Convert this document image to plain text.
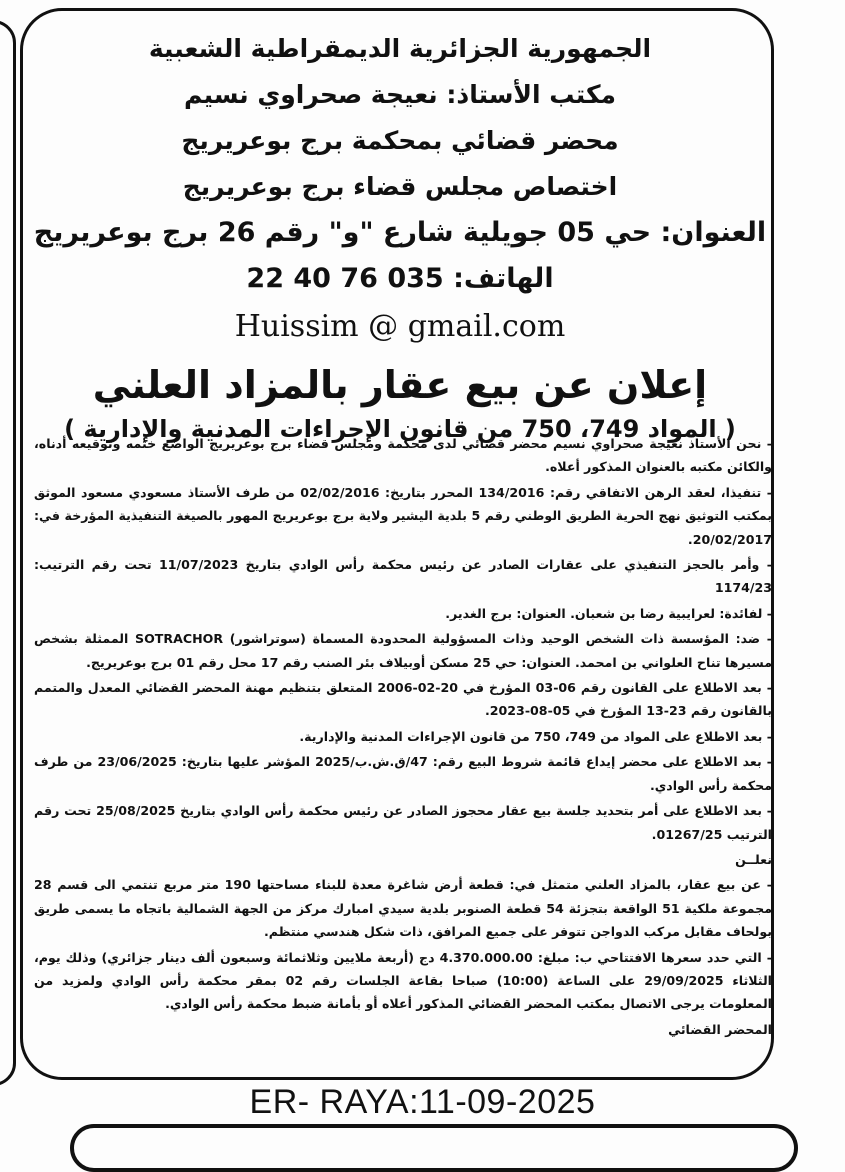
الجمهورية الجزائرية الديمقراطية الشعبية
مكتب الأستاذ: نعيجة صحراوي نسيم
محضر قضائي بمحكمة برج بوعريريج
اختصاص مجلس قضاء برج بوعريريج
العنوان: حي 05 جويلية شارع "و" رقم 26 برج بوعريريج
الهاتف: 035 76 40 22
Huissim @ gmail.com
إعلان عن بيع عقار بالمزاد العلني
( المواد 749، 750 من قانون الإجراءات المدنية والإدارية )

- نحن الأستاذ نعيجة صحراوي نسيم محضر قضائي لدى محكمة ومجلس قضاء برج بوعريريج الواضع ختمه وتوقيعه أدناه، والكائن مكتبه بالعنوان المذكور أعلاه.

- تنفيذا، لعقد الرهن الاتفاقي رقم: 134/2016 المحرر بتاريخ: 02/02/2016 من طرف الأستاذ مسعودي مسعود الموثق بمكتب التوثيق نهج الحرية الطريق الوطني رقم 5 بلدية اليشير ولاية برج بوعريريج المهور بالصيغة التنفيذية المؤرخة في: 20/02/2017.

- وأمر بالحجز التنفيذي على عقارات الصادر عن رئيس محكمة رأس الوادي بتاريخ 11/07/2023 تحت رقم الترتيب: 1174/23

- لفائدة: لعرايبية رضا بن شعبان. العنوان: برج الغدير.

- ضد: المؤسسة ذات الشخص الوحيد وذات المسؤولية المحدودة المسماة (سوتراشور) SOTRACHOR الممثلة بشخص مسيرها تناح العلواني بن امحمد. العنوان: حي 25 مسكن أوبيلاف بئر الصنب رقم 17 محل رقم 01 برج بوعريريج.

- بعد الاطلاع على القانون رقم 06-03 المؤرخ في 20-02-2006 المتعلق بتنظيم مهنة المحضر القضائي المعدل والمتمم بالقانون رقم 23-13 المؤرخ في 05-08-2023.

- بعد الاطلاع على المواد من 749، 750 من قانون الإجراءات المدنية والإدارية.

- بعد الاطلاع على محضر إيداع قائمة شروط البيع رقم: 47/ق.ش.ب/2025 المؤشر عليها بتاريخ: 23/06/2025 من طرف محكمة رأس الوادي.

- بعد الاطلاع على أمر بتحديد جلسة بيع عقار محجوز الصادر عن رئيس محكمة رأس الوادي بتاريخ 25/08/2025 تحت رقم الترتيب 01267/25.

نعلــن

- عن بيع عقار، بالمزاد العلني متمثل في: قطعة أرض شاغرة معدة للبناء مساحتها 190 متر مربع تنتمي الى قسم 28 مجموعة ملكية 51 الواقعة بتجزئة 54 قطعة الصنوبر بلدية سيدي امبارك مركز من الجهة الشمالية باتجاه ما يسمى طريق بولحاف مقابل مركب الدواجن تتوفر على جميع المرافق، ذات شكل هندسي منتظم.

- التي حدد سعرها الافتتاحي ب: مبلغ: 4.370.000.00 دج (أربعة ملايين وثلاثمائة وسبعون ألف دينار جزائري) وذلك يوم، الثلاثاء 29/09/2025 على الساعة (10:00) صباحا بقاعة الجلسات رقم 02 بمقر محكمة رأس الوادي ولمزيد من المعلومات يرجى الاتصال بمكتب المحضر القضائي المذكور أعلاه أو بأمانة ضبط محكمة رأس الوادي.

المحضر القضائي

ER- RAYA:11-09-2025
